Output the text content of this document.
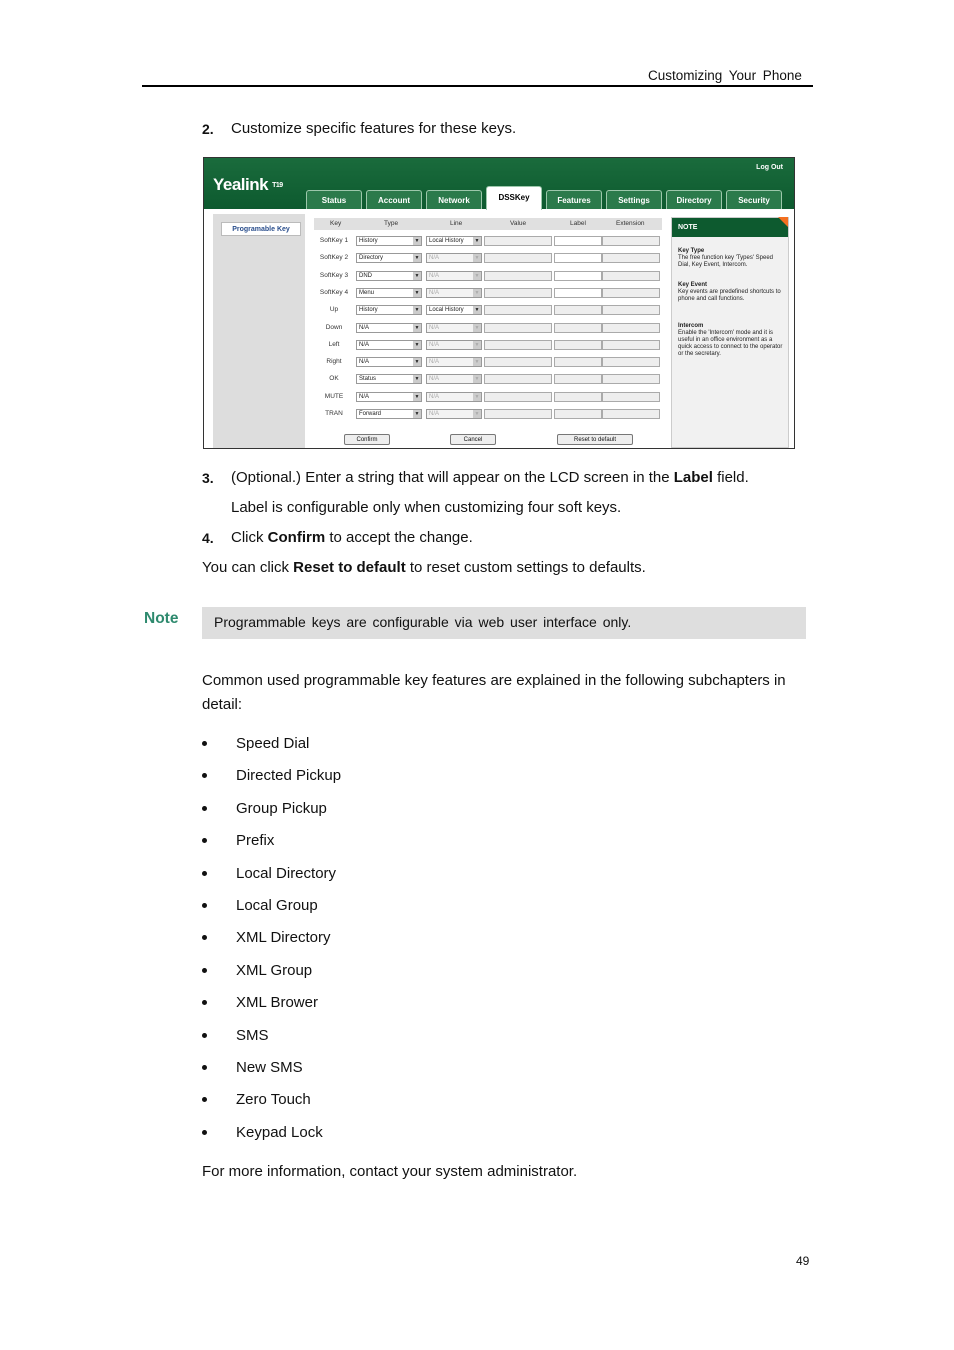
Customizing Your Phone
2. Customize specific features for these keys.
Yealink T19
Log Out
Status	Account	Network	DSSKey	Features	Settings	Directory	Security
Programable Key
Key	Type	Line	Value	Label	Extension
SoftKey 1	History	▼	Local History	▼
SoftKey 2	Directory	▼	N/A	▼
SoftKey 3	DND	▼	N/A	▼
SoftKey 4	Menu	▼	N/A	▼
Up	History	▼	Local History	▼
Down	N/A	▼	N/A	▼
Left	N/A	▼	N/A	▼
Right	N/A	▼	N/A	▼
OK	Status	▼	N/A	▼
MUTE	N/A	▼	N/A	▼
TRAN	Forward	▼	N/A	▼
Confirm	Cancel	Reset to default
NOTE
Key Type
The free function key 'Types' Speed Dial, Key Event, Intercom.
Key Event
Key events are predefined shortcuts to phone and call functions.
Intercom
Enable the 'Intercom' mode and it is useful in an office environment as a quick access to connect to the operator or the secretary.
3. (Optional.) Enter a string that will appear on the LCD screen in the Label field.
Label is configurable only when customizing four soft keys.
4. Click Confirm to accept the change.
You can click Reset to default to reset custom settings to defaults.
Note	Programmable keys are configurable via web user interface only.
Common used programmable key features are explained in the following subchapters in detail:
Speed Dial
Directed Pickup
Group Pickup
Prefix
Local Directory
Local Group
XML Directory
XML Group
XML Brower
SMS
New SMS
Zero Touch
Keypad Lock
For more information, contact your system administrator.
49
